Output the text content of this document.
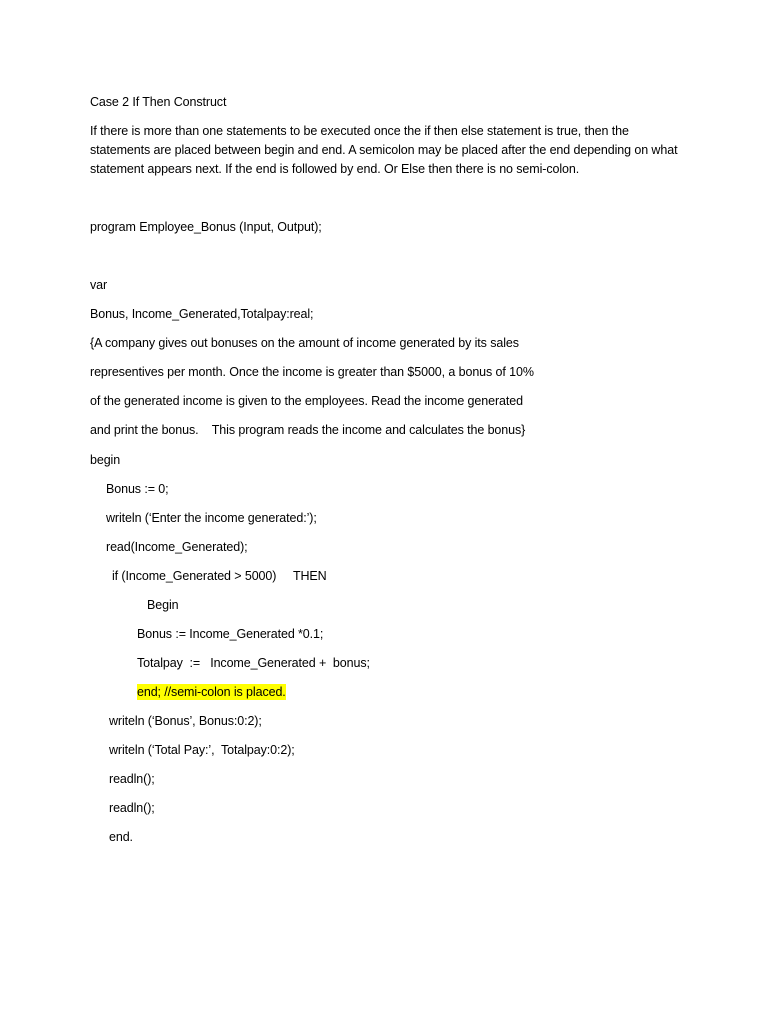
Case 2 If Then Construct
If there is more than one statements to be executed once the if then else statement is true, then the statements are placed between begin and end. A semicolon may be placed after the end depending on what statement appears next. If the end is followed by end. Or Else then there is no semi-colon.
program Employee_Bonus (Input, Output);
var
Bonus, Income_Generated,Totalpay:real;
{A company gives out bonuses on the amount of income generated by its sales
representives per month. Once the income is greater than $5000, a bonus of 10%
of the generated income is given to the employees. Read the income generated
and print the bonus.    This program reads the income and calculates the bonus}
begin
Bonus := 0;
writeln (‘Enter the income generated:’);
read(Income_Generated);
if (Income_Generated > 5000)     THEN
Begin
Bonus := Income_Generated *0.1;
Totalpay  :=   Income_Generated +  bonus;
end; //semi-colon is placed.
writeln (‘Bonus’, Bonus:0:2);
writeln (‘Total Pay:’,  Totalpay:0:2);
readln();
readln();
end.
